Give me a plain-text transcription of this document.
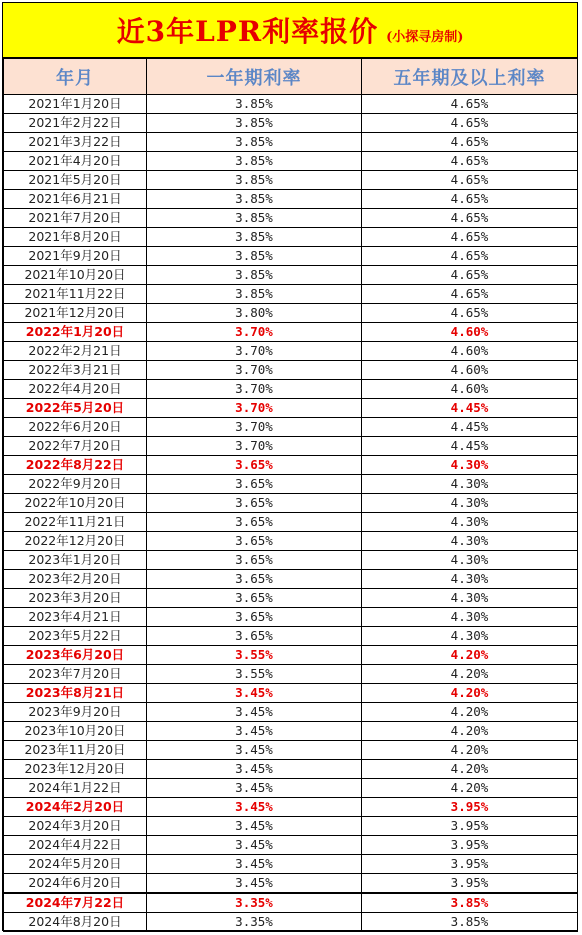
近3年LPR利率报价 (小探寻房制)
年月	一年期利率	五年期及以上利率
2021年1月20日	3.85%	4.65%
2021年2月22日	3.85%	4.65%
2021年3月22日	3.85%	4.65%
2021年4月20日	3.85%	4.65%
2021年5月20日	3.85%	4.65%
2021年6月21日	3.85%	4.65%
2021年7月20日	3.85%	4.65%
2021年8月20日	3.85%	4.65%
2021年9月20日	3.85%	4.65%
2021年10月20日	3.85%	4.65%
2021年11月22日	3.85%	4.65%
2021年12月20日	3.80%	4.65%
2022年1月20日	3.70%	4.60%
2022年2月21日	3.70%	4.60%
2022年3月21日	3.70%	4.60%
2022年4月20日	3.70%	4.60%
2022年5月20日	3.70%	4.45%
2022年6月20日	3.70%	4.45%
2022年7月20日	3.70%	4.45%
2022年8月22日	3.65%	4.30%
2022年9月20日	3.65%	4.30%
2022年10月20日	3.65%	4.30%
2022年11月21日	3.65%	4.30%
2022年12月20日	3.65%	4.30%
2023年1月20日	3.65%	4.30%
2023年2月20日	3.65%	4.30%
2023年3月20日	3.65%	4.30%
2023年4月21日	3.65%	4.30%
2023年5月22日	3.65%	4.30%
2023年6月20日	3.55%	4.20%
2023年7月20日	3.55%	4.20%
2023年8月21日	3.45%	4.20%
2023年9月20日	3.45%	4.20%
2023年10月20日	3.45%	4.20%
2023年11月20日	3.45%	4.20%
2023年12月20日	3.45%	4.20%
2024年1月22日	3.45%	4.20%
2024年2月20日	3.45%	3.95%
2024年3月20日	3.45%	3.95%
2024年4月22日	3.45%	3.95%
2024年5月20日	3.45%	3.95%
2024年6月20日	3.45%	3.95%
2024年7月22日	3.35%	3.85%
2024年8月20日	3.35%	3.85%
